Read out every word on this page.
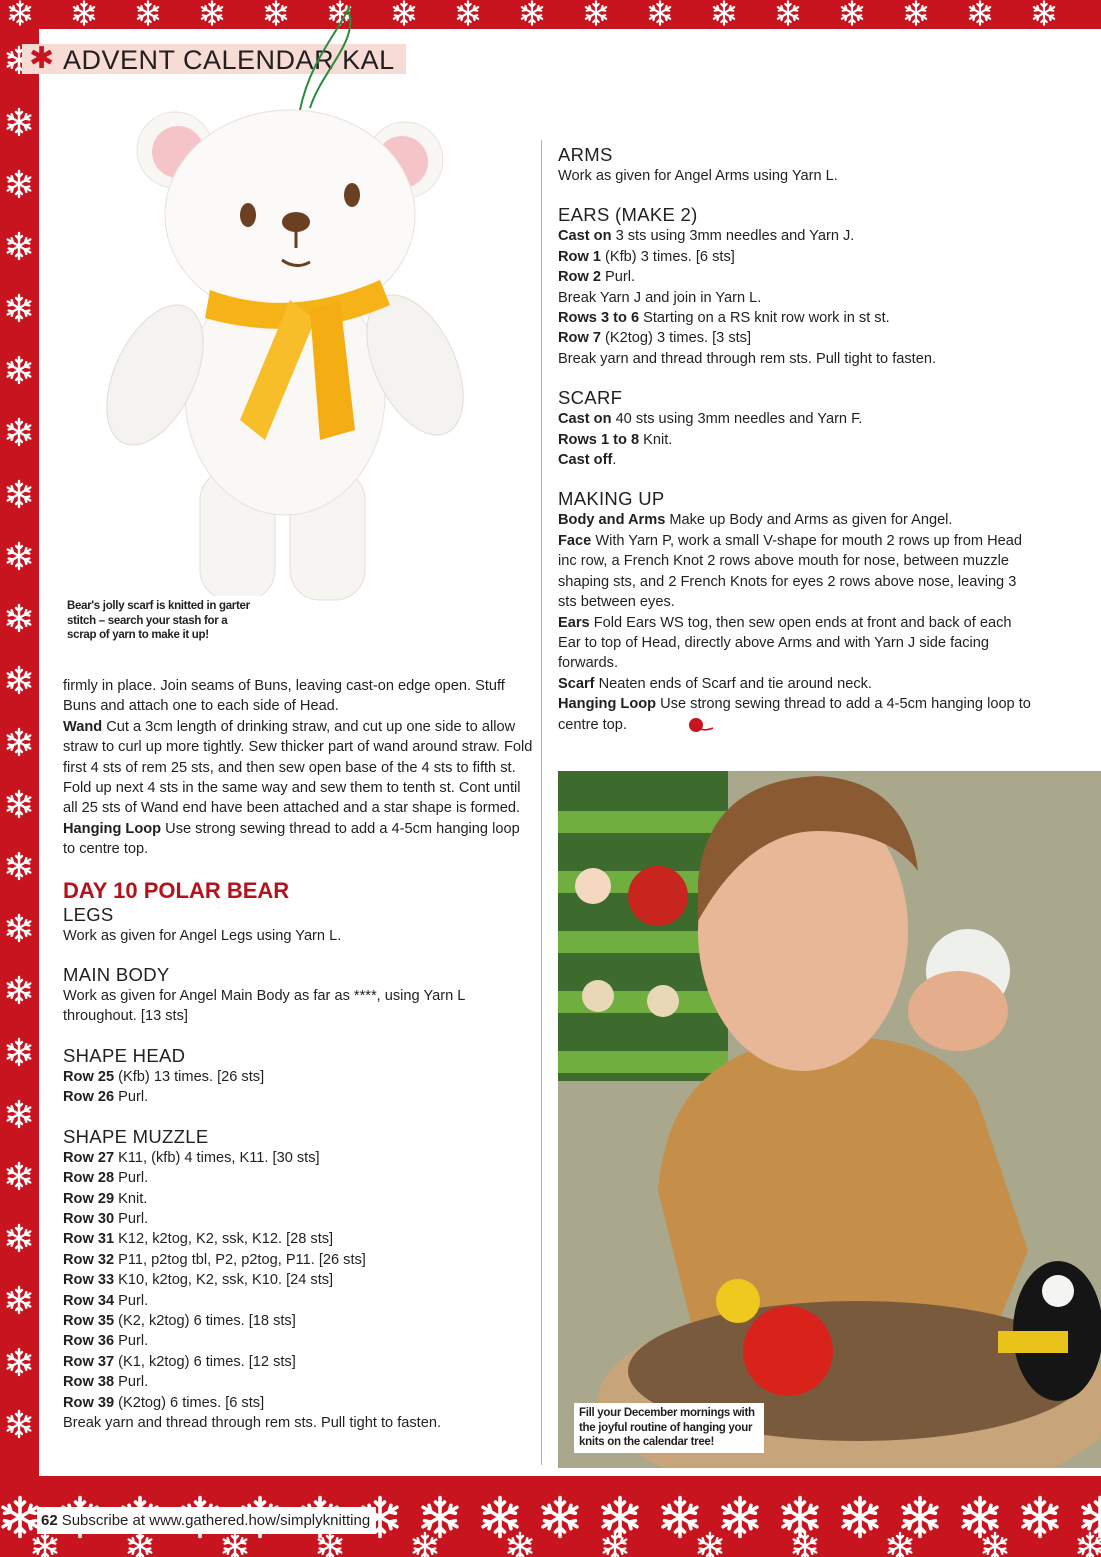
✱ ADVENT CALENDAR KAL
Bear's jolly scarf is knitted in garter stitch – search your stash for a scrap of yarn to make it up!
Fill your December mornings with the joyful routine of hanging your knits on the calendar tree!

firmly in place. Join seams of Buns, leaving cast-on edge open. Stuff Buns and attach one to each side of Head.

Wand Cut a 3cm length of drinking straw, and cut up one side to allow straw to curl up more tightly. Sew thicker part of wand around straw. Fold first 4 sts of rem 25 sts, and then sew open base of the 4 sts to fifth st. Fold up next 4 sts in the same way and sew them to tenth st. Cont until all 25 sts of Wand end have been attached and a star shape is formed.

Hanging Loop Use strong sewing thread to add a 4-5cm hanging loop to centre top.

DAY 10 POLAR BEAR

LEGS

Work as given for Angel Legs using Yarn L.

MAIN BODY

Work as given for Angel Main Body as far as ****, using Yarn L throughout. [13 sts]

SHAPE HEAD

Row 25 (Kfb) 13 times. [26 sts]

Row 26 Purl.

SHAPE MUZZLE

Row 27 K11, (kfb) 4 times, K11. [30 sts]

Row 28 Purl.

Row 29 Knit.

Row 30 Purl.

Row 31 K12, k2tog, K2, ssk, K12. [28 sts]

Row 32 P11, p2tog tbl, P2, p2tog, P11. [26 sts]

Row 33 K10, k2tog, K2, ssk, K10. [24 sts]

Row 34 Purl.

Row 35 (K2, k2tog) 6 times. [18 sts]

Row 36 Purl.

Row 37 (K1, k2tog) 6 times. [12 sts]

Row 38 Purl.

Row 39 (K2tog) 6 times. [6 sts]

Break yarn and thread through rem sts. Pull tight to fasten.

ARMS

Work as given for Angel Arms using Yarn L.

EARS (MAKE 2)

Cast on 3 sts using 3mm needles and Yarn J.

Row 1 (Kfb) 3 times. [6 sts]

Row 2 Purl.

Break Yarn J and join in Yarn L.

Rows 3 to 6 Starting on a RS knit row work in st st.

Row 7 (K2tog) 3 times. [3 sts]

Break yarn and thread through rem sts. Pull tight to fasten.

SCARF

Cast on 40 sts using 3mm needles and Yarn F.

Rows 1 to 8 Knit.

Cast off.

MAKING UP

Body and Arms Make up Body and Arms as given for Angel.

Face With Yarn P, work a small V-shape for mouth 2 rows up from Head inc row, a French Knot 2 rows above mouth for nose, between muzzle shaping sts, and 2 French Knots for eyes 2 rows above nose, leaving 3 sts between eyes.

Ears Fold Ears WS tog, then sew open ends at front and back of each Ear to top of Head, directly above Arms and with Yarn J side facing forwards.

Scarf Neaten ends of Scarf and tie around neck.

Hanging Loop Use strong sewing thread to add a 4-5cm hanging loop to centre top.

62 Subscribe at www.gathered.how/simplyknitting
